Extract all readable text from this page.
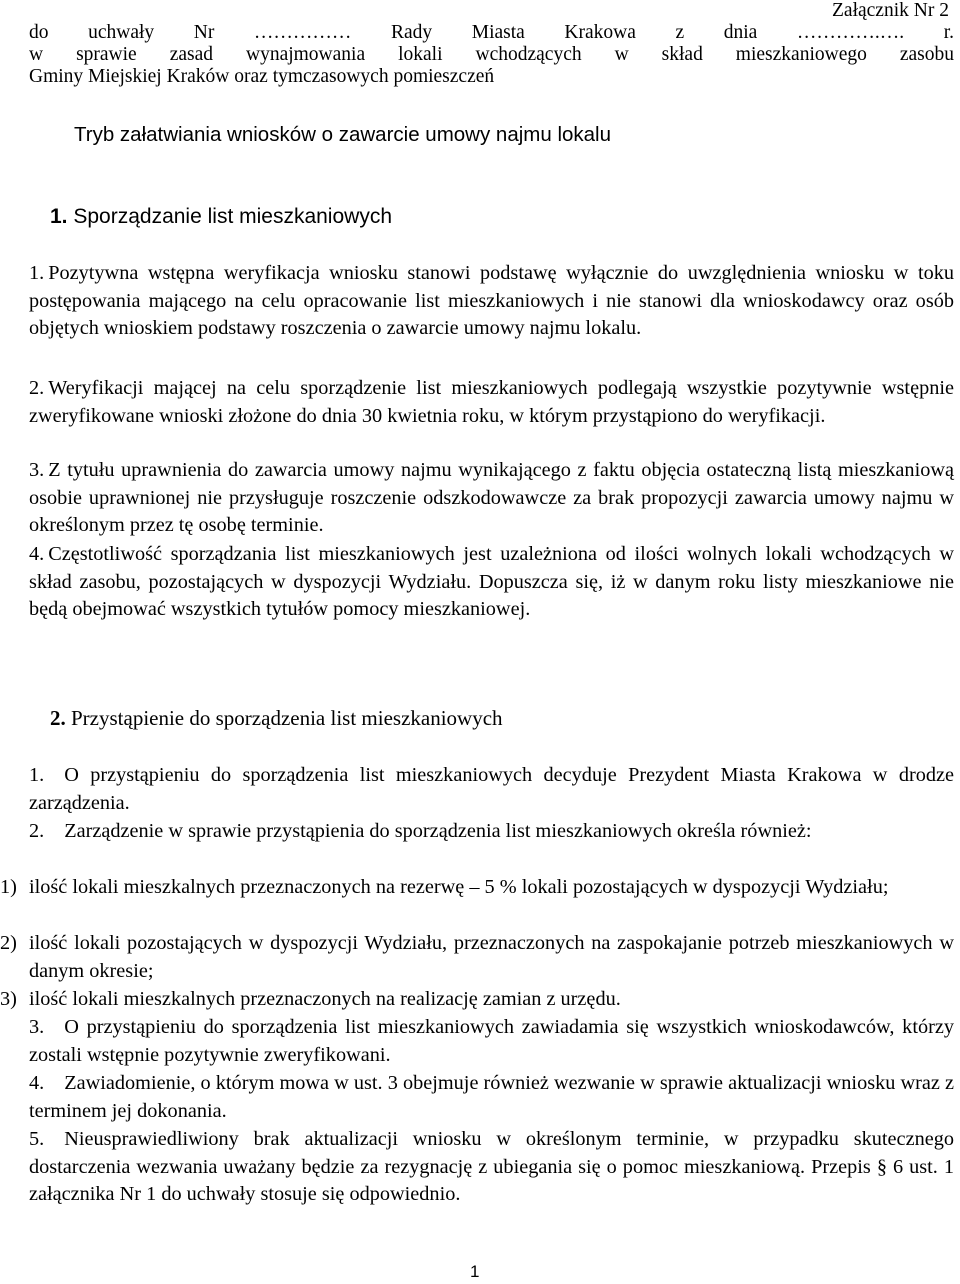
Załącznik Nr 2
do uchwały Nr …………… Rady Miasta Krakowa z dnia ………….…. r.
w sprawie zasad wynajmowania lokali wchodzących w skład mieszkaniowego zasobu
Gminy Miejskiej Kraków oraz tymczasowych pomieszczeń
Tryb załatwiania wniosków o zawarcie umowy najmu lokalu
1. Sporządzanie list mieszkaniowych
1. Pozytywna wstępna weryfikacja wniosku stanowi podstawę wyłącznie do uwzględnienia wniosku w toku postępowania mającego na celu opracowanie list mieszkaniowych i nie stanowi dla wnioskodawcy oraz osób objętych wnioskiem podstawy roszczenia o zawarcie umowy najmu lokalu.
2. Weryfikacji mającej na celu sporządzenie list mieszkaniowych podlegają wszystkie pozytywnie wstępnie zweryfikowane wnioski złożone do dnia 30 kwietnia roku, w którym przystąpiono do weryfikacji.
3. Z tytułu uprawnienia do zawarcia umowy najmu wynikającego z faktu objęcia ostateczną listą mieszkaniową osobie uprawnionej nie przysługuje roszczenie odszkodowawcze za brak propozycji zawarcia umowy najmu w określonym przez tę osobę terminie.
4. Częstotliwość sporządzania list mieszkaniowych jest uzależniona od ilości wolnych lokali wchodzących w skład zasobu, pozostających w dyspozycji Wydziału. Dopuszcza się, iż w danym roku listy mieszkaniowe nie będą obejmować wszystkich tytułów pomocy mieszkaniowej.
2. Przystąpienie do sporządzenia list mieszkaniowych
1. O przystąpieniu do sporządzenia list mieszkaniowych decyduje Prezydent Miasta Krakowa w drodze zarządzenia.
2. Zarządzenie w sprawie przystąpienia do sporządzenia list mieszkaniowych określa również:
1) ilość lokali mieszkalnych przeznaczonych na rezerwę – 5 % lokali pozostających w dyspozycji Wydziału;
2) ilość lokali pozostających w dyspozycji Wydziału, przeznaczonych na zaspokajanie potrzeb mieszkaniowych w danym okresie;
3) ilość lokali mieszkalnych przeznaczonych na realizację zamian z urzędu.
3. O przystąpieniu do sporządzenia list mieszkaniowych zawiadamia się wszystkich wnioskodawców, którzy zostali wstępnie pozytywnie zweryfikowani.
4. Zawiadomienie, o którym mowa w ust. 3 obejmuje również wezwanie w sprawie aktualizacji wniosku wraz z terminem jej dokonania.
5. Nieusprawiedliwiony brak aktualizacji wniosku w określonym terminie, w przypadku skutecznego dostarczenia wezwania uważany będzie za rezygnację z ubiegania się o pomoc mieszkaniową. Przepis § 6 ust. 1 załącznika Nr 1 do uchwały stosuje się odpowiednio.
1
